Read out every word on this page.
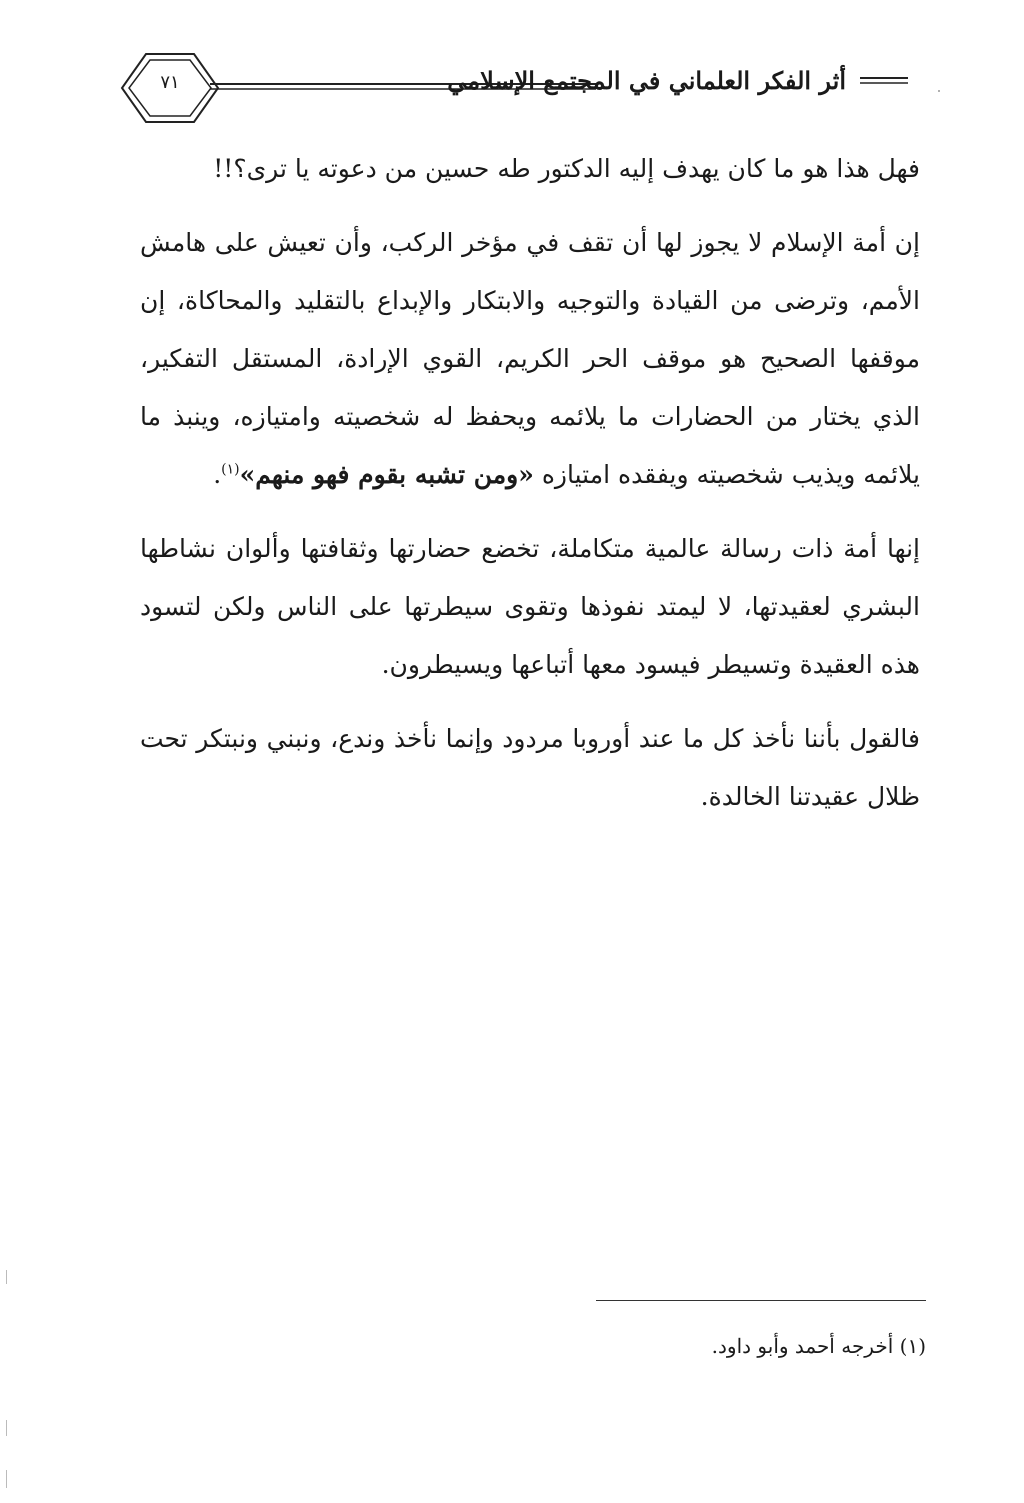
٧١	أثر الفكر العلماني في المجتمع الإسلامي

فهل هذا هو ما كان يهدف إليه الدكتور طه حسين من دعوته يا ترى؟!!

إن أمة الإسلام لا يجوز لها أن تقف في مؤخر الركب، وأن تعيش على هامش الأمم، وترضى من القيادة والتوجيه والابتكار والإبداع بالتقليد والمحاكاة، إن موقفها الصحيح هو موقف الحر الكريم، القوي الإرادة، المستقل التفكير، الذي يختار من الحضارات ما يلائمه ويحفظ له شخصيته وامتيازه، وينبذ ما يلائمه ويذيب شخصيته ويفقده امتيازه «ومن تشبه بقوم فهو منهم»$^{(١)}$.

إنها أمة ذات رسالة عالمية متكاملة، تخضع حضارتها وثقافتها وألوان نشاطها البشري لعقيدتها، لا ليمتد نفوذها وتقوى سيطرتها على الناس ولكن لتسود هذه العقيدة وتسيطر فيسود معها أتباعها ويسيطرون.

فالقول بأننا نأخذ كل ما عند أوروبا مردود وإنما نأخذ وندع، ونبني ونبتكر تحت ظلال عقيدتنا الخالدة.

(١) أخرجه أحمد وأبو داود.
